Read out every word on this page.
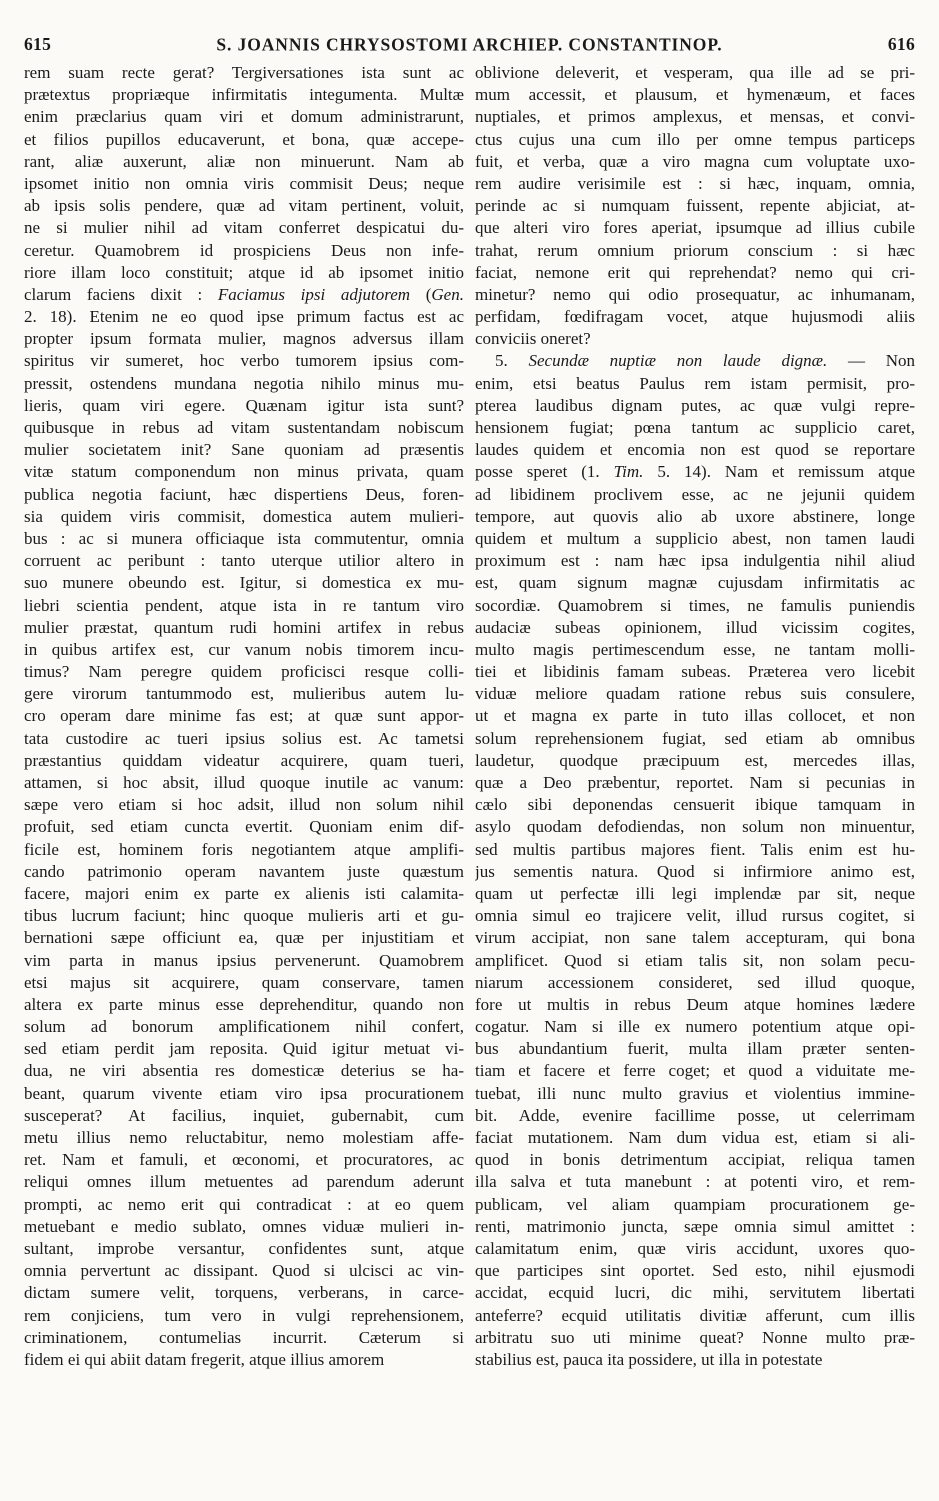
615	S. JOANNIS CHRYSOSTOMI ARCHIEP. CONSTANTINOP.	616
rem suam recte gerat? Tergiversationes ista sunt ac
prætextus propriæque infirmitatis integumenta. Multæ
enim præclarius quam viri et domum administrarunt,
et filios pupillos educaverunt, et bona, quæ accepe-
rant, aliæ auxerunt, aliæ non minuerunt. Nam ab
ipsomet initio non omnia viris commisit Deus; neque
ab ipsis solis pendere, quæ ad vitam pertinent, voluit,
ne si mulier nihil ad vitam conferret despicatui du-
ceretur. Quamobrem id prospiciens Deus non infe-
riore illam loco constituit; atque id ab ipsomet initio
clarum faciens dixit : Faciamus ipsi adjutorem (Gen.
2. 18). Etenim ne eo quod ipse primum factus est ac
propter ipsum formata mulier, magnos adversus illam
spiritus vir sumeret, hoc verbo tumorem ipsius com-
pressit, ostendens mundana negotia nihilo minus mu-
lieris, quam viri egere. Quænam igitur ista sunt?
quibusque in rebus ad vitam sustentandam nobiscum
mulier societatem init? Sane quoniam ad præsentis
vitæ statum componendum non minus privata, quam
publica negotia faciunt, hæc dispertiens Deus, foren-
sia quidem viris commisit, domestica autem mulieri-
bus : ac si munera officiaque ista commutentur, omnia
corruent ac peribunt : tanto uterque utilior altero in
suo munere obeundo est. Igitur, si domestica ex mu-
liebri scientia pendent, atque ista in re tantum viro
mulier præstat, quantum rudi homini artifex in rebus
in quibus artifex est, cur vanum nobis timorem incu-
timus? Nam peregre quidem proficisci resque colli-
gere virorum tantummodo est, mulieribus autem lu-
cro operam dare minime fas est; at quæ sunt appor-
tata custodire ac tueri ipsius solius est. Ac tametsi
præstantius quiddam videatur acquirere, quam tueri,
attamen, si hoc absit, illud quoque inutile ac vanum:
sæpe vero etiam si hoc adsit, illud non solum nihil
profuit, sed etiam cuncta evertit. Quoniam enim dif-
ficile est, hominem foris negotiantem atque amplifi-
cando patrimonio operam navantem juste quæstum
facere, majori enim ex parte ex alienis isti calamita-
tibus lucrum faciunt; hinc quoque mulieris arti et gu-
bernationi sæpe officiunt ea, quæ per injustitiam et
vim parta in manus ipsius pervenerunt. Quamobrem
etsi majus sit acquirere, quam conservare, tamen
altera ex parte minus esse deprehenditur, quando non
solum ad bonorum amplificationem nihil confert,
sed etiam perdit jam reposita. Quid igitur metuat vi-
dua, ne viri absentia res domesticæ deterius se ha-
beant, quarum vivente etiam viro ipsa procurationem
susceperat? At facilius, inquiet, gubernabit, cum
metu illius nemo reluctabitur, nemo molestiam affe-
ret. Nam et famuli, et œconomi, et procuratores, ac
reliqui omnes illum metuentes ad parendum aderunt
prompti, ac nemo erit qui contradicat : at eo quem
metuebant e medio sublato, omnes viduæ mulieri in-
sultant, improbe versantur, confidentes sunt, atque
omnia pervertunt ac dissipant. Quod si ulcisci ac vin-
dictam sumere velit, torquens, verberans, in carce-
rem conjiciens, tum vero in vulgi reprehensionem,
criminationem, contumelias incurrit. Cæterum si
fidem ei qui abiit datam fregerit, atque illius amorem
oblivione deleverit, et vesperam, qua ille ad se pri-
mum accessit, et plausum, et hymenæum, et faces
nuptiales, et primos amplexus, et mensas, et convi-
ctus cujus una cum illo per omne tempus particeps
fuit, et verba, quæ a viro magna cum voluptate uxo-
rem audire verisimile est : si hæc, inquam, omnia,
perinde ac si numquam fuissent, repente abjiciat, at-
que alteri viro fores aperiat, ipsumque ad illius cubile
trahat, rerum omnium priorum conscium : si hæc
faciat, nemone erit qui reprehendat? nemo qui cri-
minetur? nemo qui odio prosequatur, ac inhumanam,
perfidam, fœdifragam vocet, atque hujusmodi aliis
conviciis oneret?
5. Secundæ nuptiæ non laude dignæ. — Non
enim, etsi beatus Paulus rem istam permisit, pro-
pterea laudibus dignam putes, ac quæ vulgi repre-
hensionem fugiat; pœna tantum ac supplicio caret,
laudes quidem et encomia non est quod se reportare
posse speret (1. Tim. 5. 14). Nam et remissum atque
ad libidinem proclivem esse, ac ne jejunii quidem
tempore, aut quovis alio ab uxore abstinere, longe
quidem et multum a supplicio abest, non tamen laudi
proximum est : nam hæc ipsa indulgentia nihil aliud
est, quam signum magnæ cujusdam infirmitatis ac
socordiæ. Quamobrem si times, ne famulis puniendis
audaciæ subeas opinionem, illud vicissim cogites,
multo magis pertimescendum esse, ne tantam molli-
tiei et libidinis famam subeas. Præterea vero licebit
viduæ meliore quadam ratione rebus suis consulere,
ut et magna ex parte in tuto illas collocet, et non
solum reprehensionem fugiat, sed etiam ab omnibus
laudetur, quodque præcipuum est, mercedes illas,
quæ a Deo præbentur, reportet. Nam si pecunias in
cælo sibi deponendas censuerit ibique tamquam in
asylo quodam defodiendas, non solum non minuentur,
sed multis partibus majores fient. Talis enim est hu-
jus sementis natura. Quod si infirmiore animo est,
quam ut perfectæ illi legi implendæ par sit, neque
omnia simul eo trajicere velit, illud rursus cogitet, si
virum accipiat, non sane talem accepturam, qui bona
amplificet. Quod si etiam talis sit, non solam pecu-
niarum accessionem consideret, sed illud quoque,
fore ut multis in rebus Deum atque homines lædere
cogatur. Nam si ille ex numero potentium atque opi-
bus abundantium fuerit, multa illam præter senten-
tiam et facere et ferre coget; et quod a viduitate me-
tuebat, illi nunc multo gravius et violentius immine-
bit. Adde, evenire facillime posse, ut celerrimam
faciat mutationem. Nam dum vidua est, etiam si ali-
quod in bonis detrimentum accipiat, reliqua tamen
illa salva et tuta manebunt : at potenti viro, et rem-
publicam, vel aliam quampiam procurationem ge-
renti, matrimonio juncta, sæpe omnia simul amittet :
calamitatum enim, quæ viris accidunt, uxores quo-
que participes sint oportet. Sed esto, nihil ejusmodi
accidat, ecquid lucri, dic mihi, servitutem libertati
anteferre? ecquid utilitatis divitiæ afferunt, cum illis
arbitratu suo uti minime queat? Nonne multo præ-
stabilius est, pauca ita possidere, ut illa in potestate
